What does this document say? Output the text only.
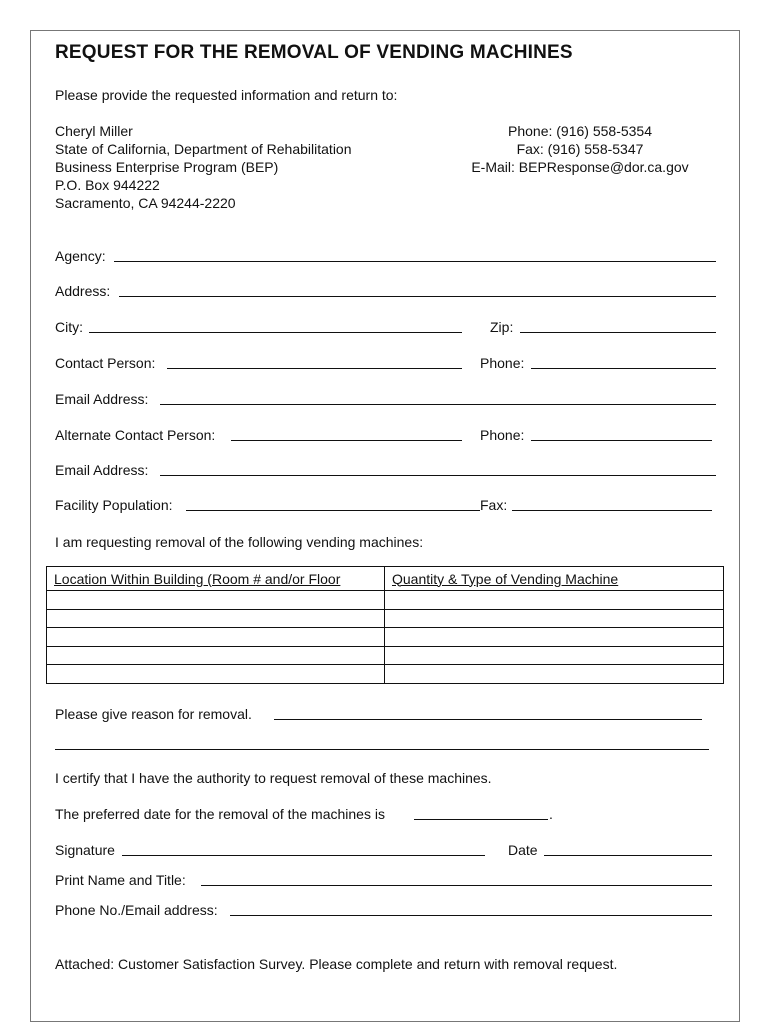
REQUEST FOR THE REMOVAL OF VENDING MACHINES
Please provide the requested information and return to:
Cheryl Miller
State of California, Department of Rehabilitation
Business Enterprise Program (BEP)
P.O. Box 944222
Sacramento, CA 94244-2220
Phone: (916) 558-5354
Fax: (916) 558-5347
E-Mail: BEPResponse@dor.ca.gov
Agency:
Address:
City:	Zip:
Contact Person:	Phone:
Email Address:
Alternate Contact Person:	Phone:
Email Address:
Facility Population:	Fax:
I am requesting removal of the following vending machines:
Location Within Building (Room # and/or Floor	Quantity & Type of Vending Machine

Please give reason for removal.
I certify that I have the authority to request removal of these machines.
The preferred date for the removal of the machines is	.
Signature	Date
Print Name and Title:
Phone No./Email address:
Attached: Customer Satisfaction Survey. Please complete and return with removal request.
